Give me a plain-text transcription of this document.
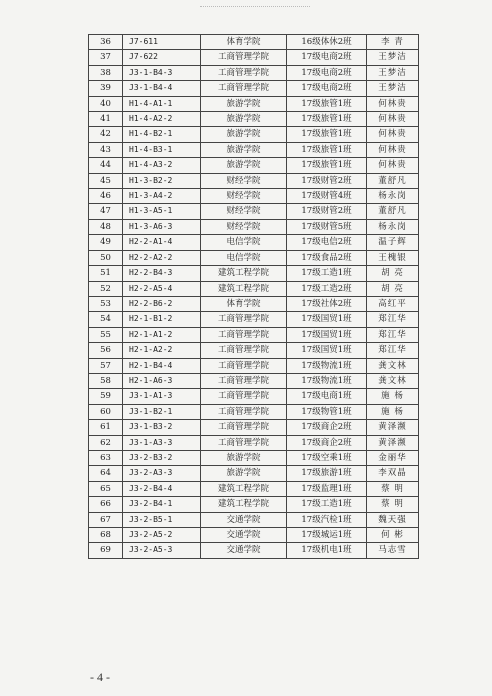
36	J7-611	体育学院	16级体休2班	李 青
37	J7-622	工商管理学院	17级电商2班	王梦洁
38	J3-1-B4-3	工商管理学院	17级电商2班	王梦洁
39	J3-1-B4-4	工商管理学院	17级电商2班	王梦洁
40	H1-4-A1-1	旅游学院	17级旅管1班	何林贵
41	H1-4-A2-2	旅游学院	17级旅管1班	何林贵
42	H1-4-B2-1	旅游学院	17级旅管1班	何林贵
43	H1-4-B3-1	旅游学院	17级旅管1班	何林贵
44	H1-4-A3-2	旅游学院	17级旅管1班	何林贵
45	H1-3-B2-2	财经学院	17级财管2班	董舒凡
46	H1-3-A4-2	财经学院	17级财管4班	杨永岗
47	H1-3-A5-1	财经学院	17级财管2班	董舒凡
48	H1-3-A6-3	财经学院	17级财管5班	杨永岗
49	H2-2-A1-4	电信学院	17级电信2班	温子辉
50	H2-2-A2-2	电信学院	17级食品2班	王槐银
51	H2-2-B4-3	建筑工程学院	17级工造1班	胡 亮
52	H2-2-A5-4	建筑工程学院	17级工造2班	胡 亮
53	H2-2-B6-2	体育学院	17级社体2班	高红平
54	H2-1-B1-2	工商管理学院	17级国贸1班	郑江华
55	H2-1-A1-2	工商管理学院	17级国贸1班	郑江华
56	H2-1-A2-2	工商管理学院	17级国贸1班	郑江华
57	H2-1-B4-4	工商管理学院	17级物流1班	龚文林
58	H2-1-A6-3	工商管理学院	17级物流1班	龚文林
59	J3-1-A1-3	工商管理学院	17级电商1班	施 杨
60	J3-1-B2-1	工商管理学院	17级物管1班	施 杨
61	J3-1-B3-2	工商管理学院	17级商企2班	黄泽濒
62	J3-1-A3-3	工商管理学院	17级商企2班	黄泽濒
63	J3-2-B3-2	旅游学院	17级空乘1班	金丽华
64	J3-2-A3-3	旅游学院	17级旅游1班	李双晶
65	J3-2-B4-4	建筑工程学院	17级监理1班	蔡 明
66	J3-2-B4-1	建筑工程学院	17级工造1班	蔡 明
67	J3-2-B5-1	交通学院	17级汽检1班	魏天强
68	J3-2-A5-2	交通学院	17级城运1班	何 彬
69	J3-2-A5-3	交通学院	17级机电1班	马志雪
- 4 -
